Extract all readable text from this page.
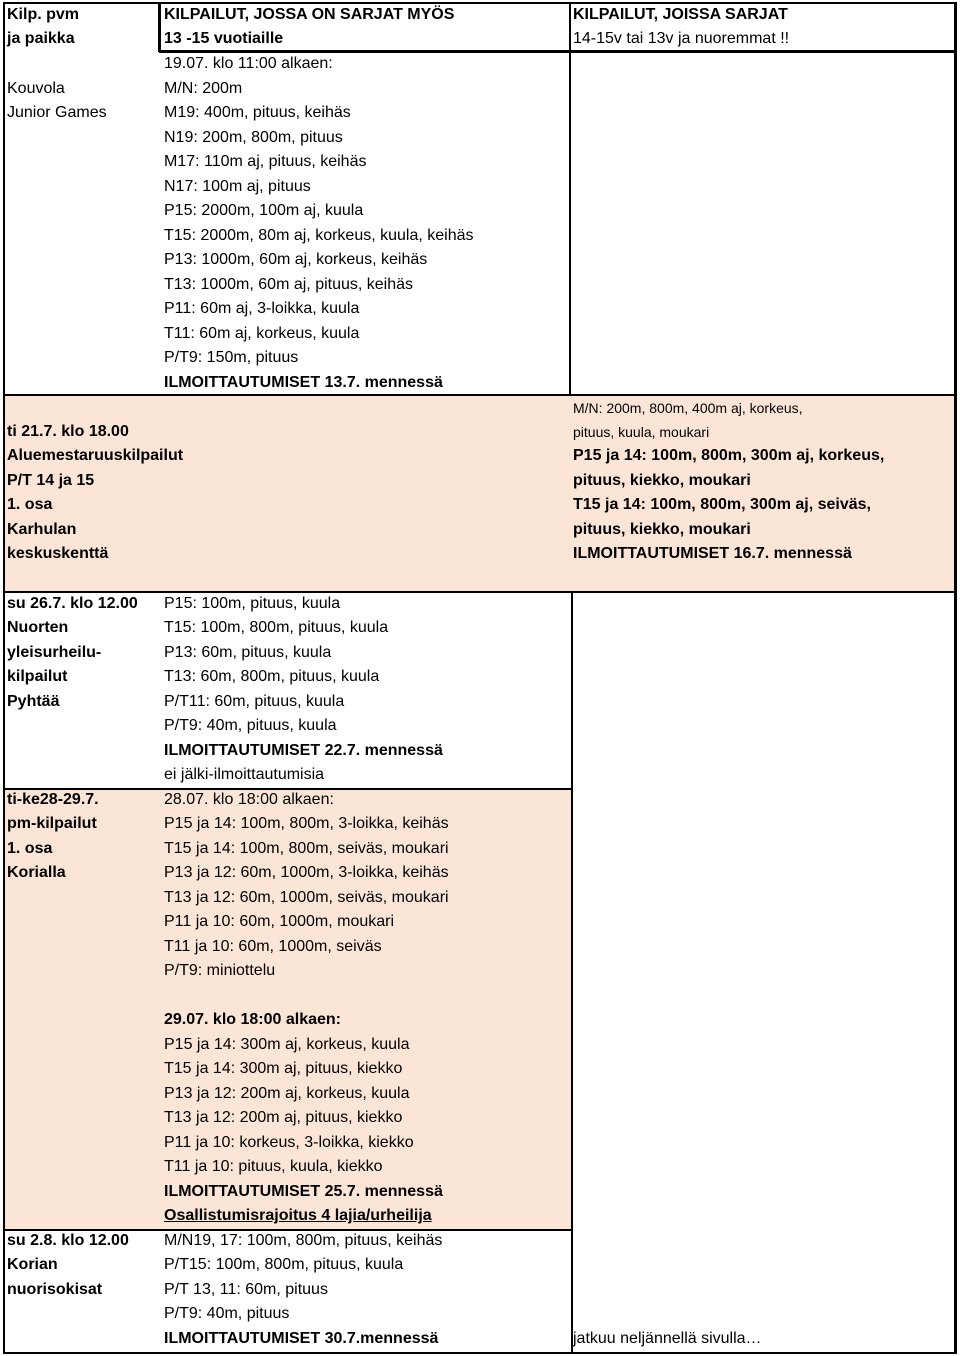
Kilp. pvm
ja paikka
KILPAILUT, JOSSA ON SARJAT MYÖS
13 -15 vuotiaille
KILPAILUT, JOISSA SARJAT
14-15v tai 13v ja nuoremmat !!
Kouvola
Junior Games
19.07. klo 11:00 alkaen:
M/N: 200m
M19: 400m, pituus, keihäs
N19: 200m, 800m, pituus
M17: 110m aj, pituus, keihäs
N17: 100m aj, pituus
P15: 2000m, 100m aj, kuula
T15: 2000m, 80m aj, korkeus, kuula, keihäs
P13: 1000m, 60m aj, korkeus, keihäs
T13: 1000m, 60m aj, pituus, keihäs
P11: 60m aj, 3-loikka, kuula
T11: 60m aj, korkeus, kuula
P/T9: 150m, pituus
ILMOITTAUTUMISET 13.7. mennessä
ti 21.7. klo 18.00
Aluemestaruuskilpailut
P/T 14 ja 15
1. osa
Karhulan
keskuskenttä
M/N: 200m, 800m, 400m aj, korkeus,
pituus, kuula, moukari
P15 ja 14: 100m, 800m, 300m aj, korkeus,
pituus, kiekko, moukari
T15 ja 14: 100m, 800m, 300m aj, seiväs,
pituus, kiekko, moukari
ILMOITTAUTUMISET 16.7. mennessä
su 26.7. klo 12.00
Nuorten
yleisurheilu-
kilpailut
Pyhtää
P15: 100m, pituus, kuula
T15: 100m, 800m, pituus, kuula
P13: 60m, pituus, kuula
T13: 60m, 800m, pituus, kuula
P/T11: 60m, pituus, kuula
P/T9: 40m, pituus, kuula
ILMOITTAUTUMISET 22.7. mennessä
ei jälki-ilmoittautumisia
ti-ke28-29.7.
pm-kilpailut
1. osa
Korialla
28.07. klo 18:00 alkaen:
P15 ja 14: 100m, 800m, 3-loikka, keihäs
T15 ja 14: 100m, 800m, seiväs, moukari
P13 ja 12: 60m, 1000m, 3-loikka, keihäs
T13 ja 12: 60m, 1000m, seiväs, moukari
P11 ja 10: 60m, 1000m, moukari
T11 ja 10: 60m, 1000m, seiväs
P/T9: miniottelu
29.07. klo 18:00 alkaen:
P15 ja 14: 300m aj, korkeus, kuula
T15 ja 14: 300m aj, pituus, kiekko
P13 ja 12: 200m aj, korkeus, kuula
T13 ja 12: 200m aj, pituus, kiekko
P11 ja 10: korkeus, 3-loikka, kiekko
T11 ja 10: pituus, kuula, kiekko
ILMOITTAUTUMISET 25.7. mennessä
Osallistumisrajoitus 4 lajia/urheilija
su 2.8. klo 12.00
Korian
nuorisokisat
M/N19, 17: 100m, 800m, pituus, keihäs
P/T15: 100m, 800m, pituus, kuula
P/T 13, 11: 60m, pituus
P/T9: 40m, pituus
ILMOITTAUTUMISET 30.7.mennessä	jatkuu neljännellä sivulla…
